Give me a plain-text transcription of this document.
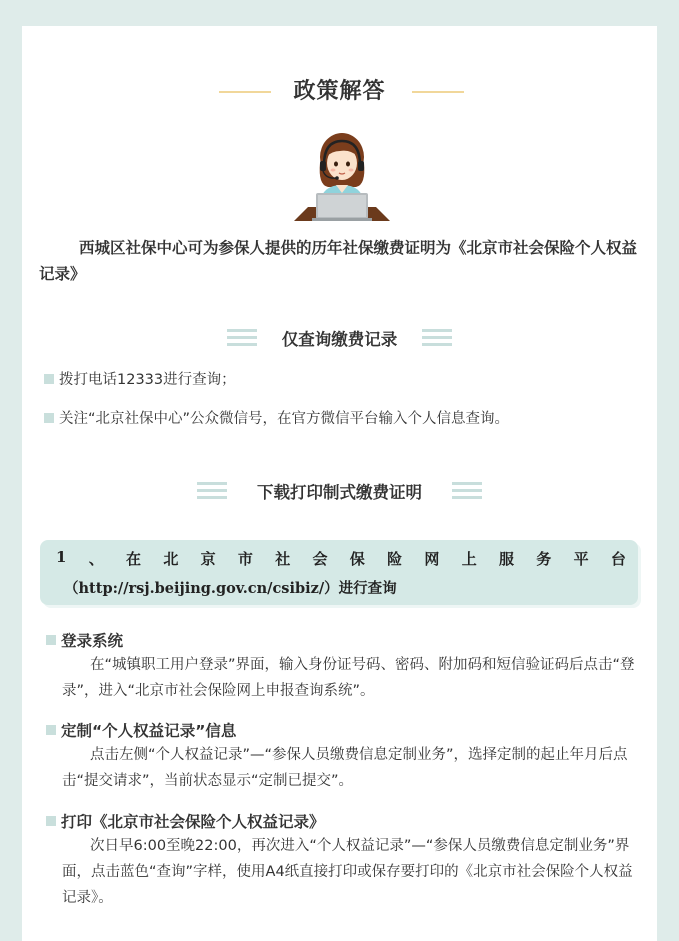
政策解答
西城区社保中心可为参保人提供的历年社保缴费证明为《北京市社会保险个人权益记录》
仅查询缴费记录
拨打电话12333进行查询；
关注“北京社保中心”公众微信号，在官方微信平台输入个人信息查询。
下载打印制式缴费证明
1 、 在 北 京 市 社 会 保 险 网 上 服 务 平 台
（http://rsj.beijing.gov.cn/csibiz/）进行查询
登录系统
在“城镇职工用户登录”界面，输入身份证号码、密码、附加码和短信验证码后点击“登录”，进入“北京市社会保险网上申报查询系统”。
定制“个人权益记录”信息
点击左侧“个人权益记录”—“参保人员缴费信息定制业务”，选择定制的起止年月后点击“提交请求”，当前状态显示“定制已提交”。
打印《北京市社会保险个人权益记录》
次日早6:00至晚22:00，再次进入“个人权益记录”—“参保人员缴费信息定制业务”界面，点击蓝色“查询”字样，使用A4纸直接打印或保存要打印的《北京市社会保险个人权益记录》。
